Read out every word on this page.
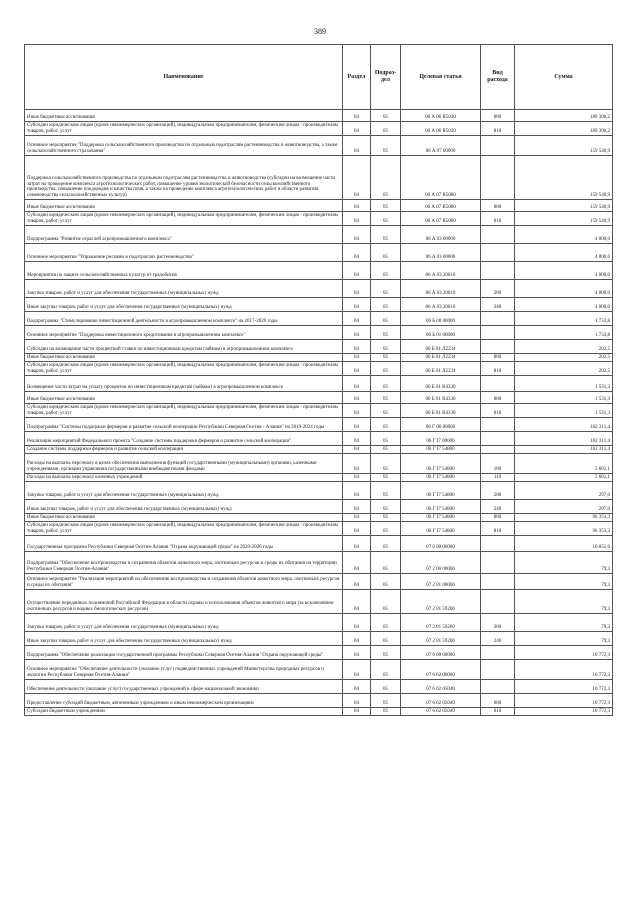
389
Наименование	Раздел	Подраз-дел	Целевая статья	Вид расхода	Сумма
Иные бюджетные ассигнования	04	05	06 А 06 R5020	800	189 300,2
Субсидии юридическим лицам (кроме некоммерческих организаций), индивидуальным предпринимателям, физическим лицам - производителям товаров, работ, услуг	04	05	06 А 06 R5020	810	189 300,2
Основное мероприятие "Поддержка сельскохозяйственного производства по отдельным подотраслям растениеводства и животноводства, а также сельскохозяйственного страхования"	04	05	06 А 07 00000		159 540,9
Поддержка сельскохозяйственного производства по отдельным подотраслям растениеводства и животноводства (субсидии на возмещение части затрат на проведение комплекса агротехнологических работ, повышение уровня экологической безопасности сельскохозяйственного производства, повышение плодородия и качества почв, а также на проведение комплекса агротехнологических работ в области развития семеноводства сельскохозяйственных культур)	04	05	06 А 07 R5080		159 540,9
Иные бюджетные ассигнования	04	05	06 А 07 R5080	800	159 540,9
Субсидии юридическим лицам (кроме некоммерческих организаций), индивидуальным предпринимателям, физическим лицам - производителям товаров, работ, услуг	04	05	06 А 07 R5080	810	159 540,9
Подпрограмма "Развитие отраслей агропромышленного комплекса"	04	05	06 А 03 00000		4 000,0
Основное мероприятие "Управление рисками в подотраслях растениеводства"	04	05	06 А 03 00000		4 000,0
Мероприятия по защите сельскохозяйственных культур от градобития	04	05	06 А 03 20610		4 000,0
Закупка товаров, работ и услуг для обеспечения государственных (муниципальных) нужд	04	05	06 А 03 20610	200	4 000,0
Иные закупки товаров, работ и услуг для обеспечения государственных (муниципальных) нужд	04	05	06 А 03 20610	240	4 000,0
Подпрограмма "Стимулирование инвестиционной деятельности в агропромышленном комплексе" на 2017-2020 годы	04	05	06 Б 00 00000		1 733,8
Основное мероприятие "Поддержка инвестиционного кредитования в агропромышленном комплексе"	04	05	06 Б 01 00000		1 733,8
Субсидии на возмещение части процентной ставки по инвестиционным кредитам (займам) в агропромышленном комплексе	04	05	06 Б 01 Л2234		202,5
Иные бюджетные ассигнования	04	05	06 Б 01 Л2234	800	202,5
Субсидии юридическим лицам (кроме некоммерческих организаций), индивидуальным предпринимателям, физическим лицам - производителям товаров, работ, услуг	04	05	06 Б 01 Л2234	810	202,5
Возмещение части затрат на уплату процентов по инвестиционным кредитам (займам) в агропромышленном комплексе	04	05	06 Б 01 R4330		1 531,3
Иные бюджетные ассигнования	04	05	06 Б 01 R4330	800	1 531,3
Субсидии юридическим лицам (кроме некоммерческих организаций), индивидуальным предпринимателям, физическим лицам - производителям товаров, работ, услуг	04	05	06 Б 01 R4330	810	1 531,3
Подпрограмма "Системы поддержки фермеров и развитие сельской кооперации Республики Северная Осетия - Алания" на 2019-2024 годы	04	05	06 Г 00 00000		102 311,4
Реализация мероприятий Федерального проекта "Создание системы поддержки фермеров и развитие сельской кооперации"	04	05	06 Г I7 00000		102 311,4
Создание системы поддержки фермеров и развитие сельской кооперации	04	05	06 Г I7 54800		102 311,4
Расходы на выплаты персоналу в целях обеспечения выполнения функций государственными (муниципальными) органами, казенными учреждениями, органами управления государственными внебюджетными фондами	04	05	06 Г I7 54800	100	5 661,1
Расходы на выплаты персоналу казенных учреждений	04	05	06 Г I7 54800	110	5 661,1
Закупка товаров, работ и услуг для обеспечения государственных (муниципальных) нужд	04	05	06 Г I7 54800	200	297,0
Иные закупки товаров, работ и услуг для обеспечения государственных (муниципальных) нужд	04	05	06 Г I7 54800	240	297,0
Иные бюджетные ассигнования	04	05	06 Г I7 54800	800	96 353,3
Субсидии юридическим лицам (кроме некоммерческих организаций), индивидуальным предпринимателям, физическим лицам - производителям товаров, работ, услуг	04	05	06 Г I7 54800	810	96 353,3
Государственная программа Республики Северная Осетия-Алания "Охрана окружающей среды" на 2020-2026 годы	04	05	07 0 00 00000		10 851,6
Подпрограмма "Обеспечение воспроизводства и сохранения объектов животного мира, охотничьих ресурсов и среды их обитания на территории Республики Северная Осетия-Алания"	04	05	07 2 00 00000		79,3
Основное мероприятие "Реализация мероприятий по обеспечению воспроизводства и сохранения объектов животного мира, охотничьих ресурсов и среды их обитания"	04	05	07 2 01 00000		79,3
Осуществление переданных полномочий Российской Федерации в области охраны и использования объектов животного мира (за исключением охотничьих ресурсов и водных биологических ресурсов)	04	05	07 2 01 59200		79,3
Закупка товаров, работ и услуг для обеспечения государственных (муниципальных) нужд	04	05	07 2 01 59200	200	79,3
Иные закупки товаров, работ и услуг для обеспечения государственных (муниципальных) нужд	04	05	07 2 01 59200	240	79,3
Подпрограмма "Обеспечение реализации государственной программы Республики Северная Осетия-Алания "Охрана окружающей среды"	04	05	07 6 00 00000		10 772,3
Основное мероприятие "Обеспечение деятельности (оказание услуг) подведомственных учреждений Министерства природных ресурсов и экологии Республики Северная Осетия-Алания"	04	05	07 6 02 00000		10 772,3
Обеспечение деятельности (оказание услуг) государственных учреждений в сфере национальной экономики	04	05	07 6 02 05040		10 772,3
Предоставление субсидий бюджетным, автономным учреждениям и иным некоммерческим организациям	04	05	07 6 02 05040	600	10 772,3
Субсидии бюджетным учреждениям	04	05	07 6 02 05040	610	10 772,3
